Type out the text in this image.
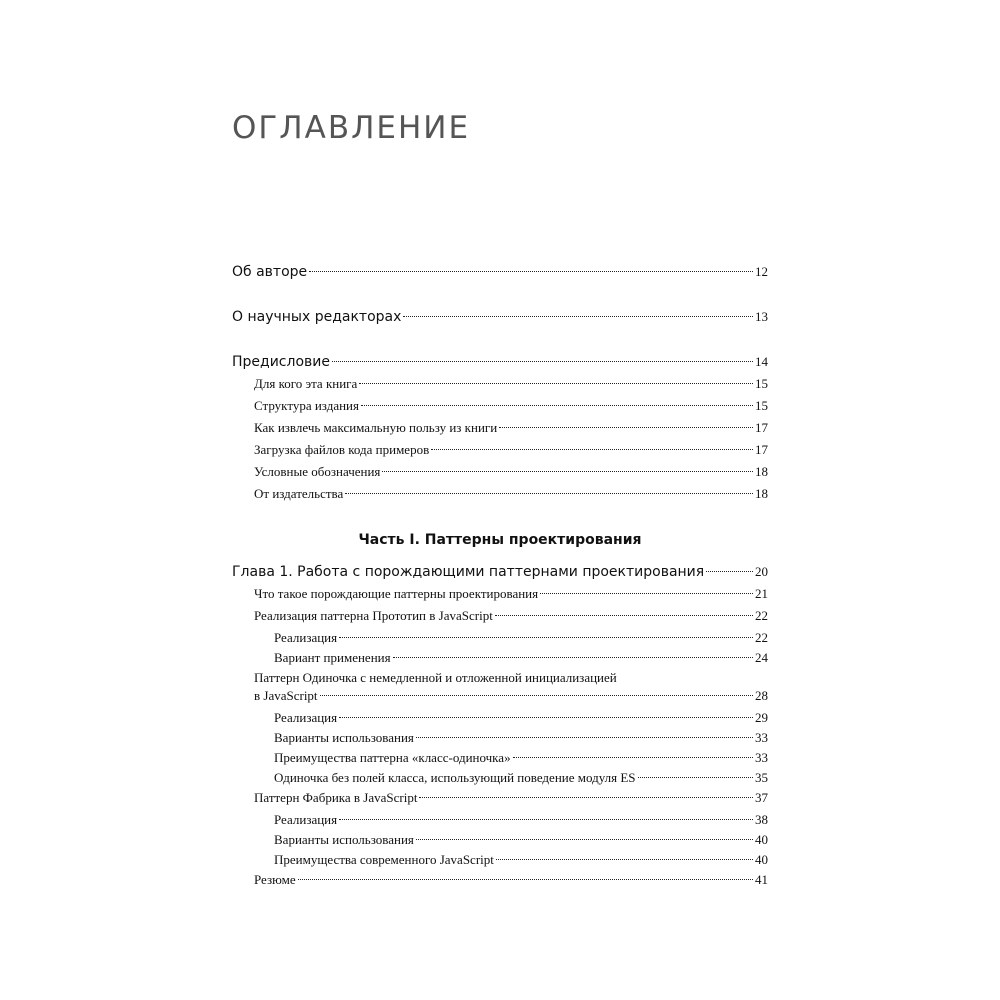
ОГЛАВЛЕНИЕ
Об авторе	12
О научных редакторах	13
Предисловие	14
Для кого эта книга	15
Структура издания	15
Как извлечь максимальную пользу из книги	17
Загрузка файлов кода примеров	17
Условные обозначения	18
От издательства	18
Часть I. Паттерны проектирования
Глава 1. Работа с порождающими паттернами проектирования	20
Что такое порождающие паттерны проектирования	21
Реализация паттерна Прототип в JavaScript	22
Реализация	22
Вариант применения	24
Паттерн Одиночка с немедленной и отложенной инициализацией
в JavaScript	28
Реализация	29
Варианты использования	33
Преимущества паттерна «класс-одиночка»	33
Одиночка без полей класса, использующий поведение модуля ES	35
Паттерн Фабрика в JavaScript	37
Реализация	38
Варианты использования	40
Преимущества современного JavaScript	40
Резюме	41
